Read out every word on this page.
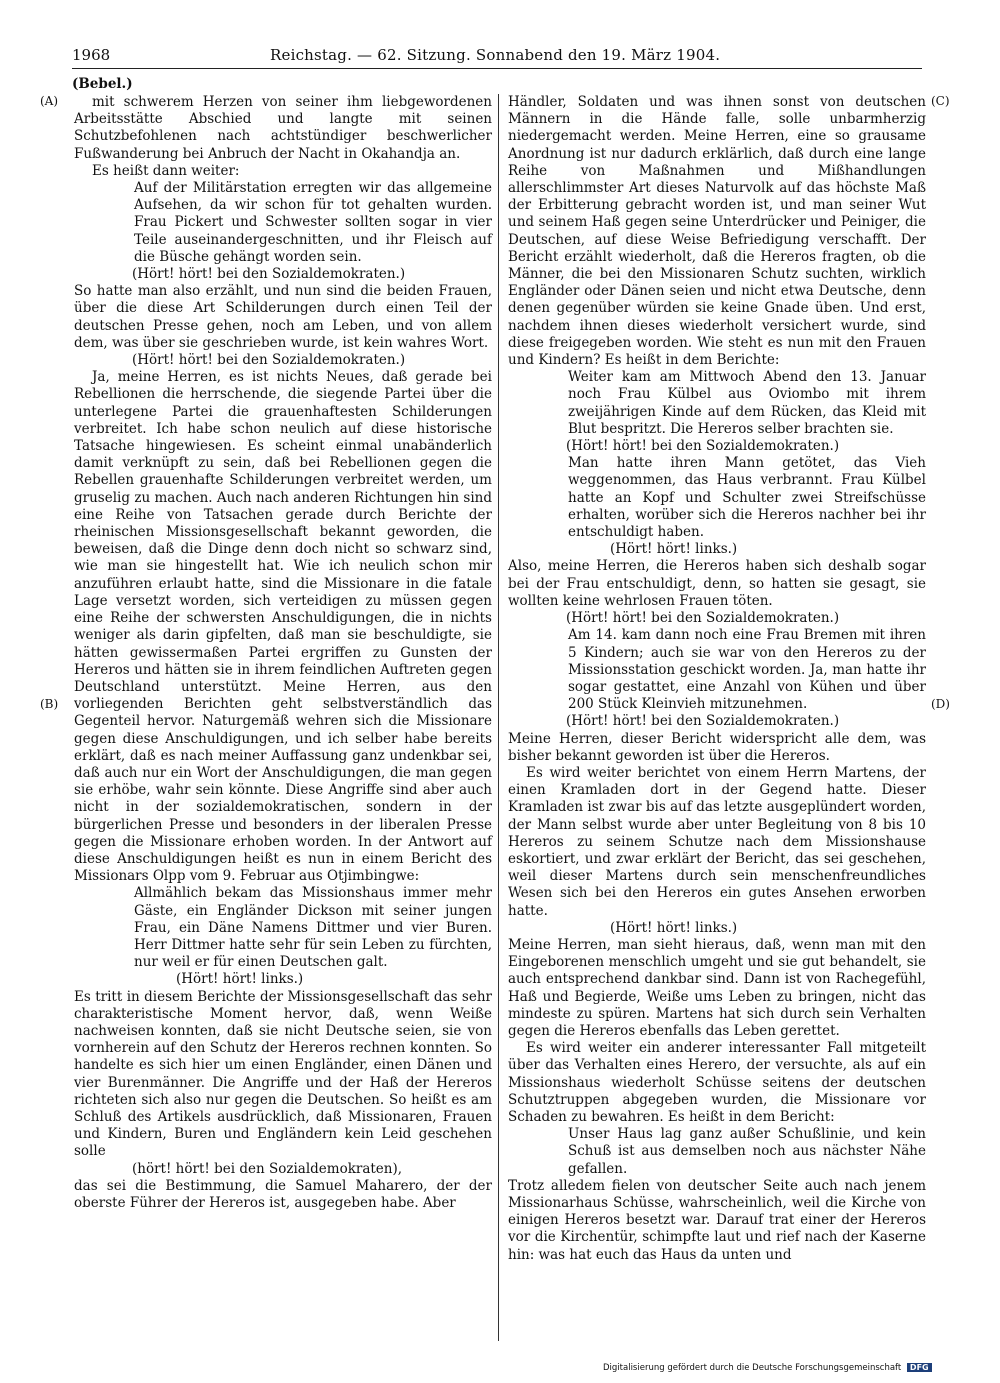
1968	Reichstag. — 62. Sitzung. Sonnabend den 19. März 1904.
(Bebel.)
(A)
(B)
(C)
(D)

mit schwerem Herzen von seiner ihm liebgewordenen Arbeitsstätte Abschied und langte mit seinen Schutzbefohlenen nach achtstündiger beschwerlicher Fußwanderung bei Anbruch der Nacht in Okahandja an.

Es heißt dann weiter:

Auf der Militärstation erregten wir das allgemeine Aufsehen, da wir schon für tot gehalten wurden. Frau Pickert und Schwester sollten sogar in vier Teile auseinandergeschnitten, und ihr Fleisch auf die Büsche gehängt worden sein.

(Hört! hört! bei den Sozialdemokraten.)

So hatte man also erzählt, und nun sind die beiden Frauen, über die diese Art Schilderungen durch einen Teil der deutschen Presse gehen, noch am Leben, und von allem dem, was über sie geschrieben wurde, ist kein wahres Wort.

(Hört! hört! bei den Sozialdemokraten.)

Ja, meine Herren, es ist nichts Neues, daß gerade bei Rebellionen die herrschende, die siegende Partei über die unterlegene Partei die grauenhaftesten Schilderungen verbreitet. Ich habe schon neulich auf diese historische Tatsache hingewiesen. Es scheint einmal unabänderlich damit verknüpft zu sein, daß bei Rebellionen gegen die Rebellen grauenhafte Schilderungen verbreitet werden, um gruselig zu machen. Auch nach anderen Richtungen hin sind eine Reihe von Tatsachen gerade durch Berichte der rheinischen Missionsgesellschaft bekannt geworden, die beweisen, daß die Dinge denn doch nicht so schwarz sind, wie man sie hingestellt hat. Wie ich neulich schon mir anzuführen erlaubt hatte, sind die Missionare in die fatale Lage versetzt worden, sich verteidigen zu müssen gegen eine Reihe der schwersten Anschuldigungen, die in nichts weniger als darin gipfelten, daß man sie beschuldigte, sie hätten gewissermaßen Partei ergriffen zu Gunsten der Hereros und hätten sie in ihrem feindlichen Auftreten gegen Deutschland unterstützt. Meine Herren, aus den vorliegenden Berichten geht selbstverständlich das Gegenteil hervor. Naturgemäß wehren sich die Missionare gegen diese Anschuldigungen, und ich selber habe bereits erklärt, daß es nach meiner Auffassung ganz undenkbar sei, daß auch nur ein Wort der Anschuldigungen, die man gegen sie erhöbe, wahr sein könnte. Diese Angriffe sind aber auch nicht in der sozialdemokratischen, sondern in der bürgerlichen Presse und besonders in der liberalen Presse gegen die Missionare erhoben worden. In der Antwort auf diese Anschuldigungen heißt es nun in einem Bericht des Missionars Olpp vom 9. Februar aus Otjimbingwe:

Allmählich bekam das Missionshaus immer mehr Gäste, ein Engländer Dickson mit seiner jungen Frau, ein Däne Namens Dittmer und vier Buren. Herr Dittmer hatte sehr für sein Leben zu fürchten, nur weil er für einen Deutschen galt.

(Hört! hört! links.)

Es tritt in diesem Berichte der Missionsgesellschaft das sehr charakteristische Moment hervor, daß, wenn Weiße nachweisen konnten, daß sie nicht Deutsche seien, sie von vornherein auf den Schutz der Hereros rechnen konnten. So handelte es sich hier um einen Engländer, einen Dänen und vier Burenmänner. Die Angriffe und der Haß der Hereros richteten sich also nur gegen die Deutschen. So heißt es am Schluß des Artikels ausdrücklich, daß Missionaren, Frauen und Kindern, Buren und Engländern kein Leid geschehen solle

(hört! hört! bei den Sozialdemokraten),

das sei die Bestimmung, die Samuel Maharero, der der oberste Führer der Hereros ist, ausgegeben habe. Aber

Händler, Soldaten und was ihnen sonst von deutschen Männern in die Hände falle, solle unbarmherzig niedergemacht werden. Meine Herren, eine so grausame Anordnung ist nur dadurch erklärlich, daß durch eine lange Reihe von Maßnahmen und Mißhandlungen allerschlimmster Art dieses Naturvolk auf das höchste Maß der Erbitterung gebracht worden ist, und man seiner Wut und seinem Haß gegen seine Unterdrücker und Peiniger, die Deutschen, auf diese Weise Befriedigung verschafft. Der Bericht erzählt wiederholt, daß die Hereros fragten, ob die Männer, die bei den Missionaren Schutz suchten, wirklich Engländer oder Dänen seien und nicht etwa Deutsche, denn denen gegenüber würden sie keine Gnade üben. Und erst, nachdem ihnen dieses wiederholt versichert wurde, sind diese freigegeben worden. Wie steht es nun mit den Frauen und Kindern? Es heißt in dem Berichte:

Weiter kam am Mittwoch Abend den 13. Januar noch Frau Külbel aus Oviombo mit ihrem zweijährigen Kinde auf dem Rücken, das Kleid mit Blut bespritzt. Die Hereros selber brachten sie.

(Hört! hört! bei den Sozialdemokraten.)

Man hatte ihren Mann getötet, das Vieh weggenommen, das Haus verbrannt. Frau Külbel hatte an Kopf und Schulter zwei Streifschüsse erhalten, worüber sich die Hereros nachher bei ihr entschuldigt haben.

(Hört! hört! links.)

Also, meine Herren, die Hereros haben sich deshalb sogar bei der Frau entschuldigt, denn, so hatten sie gesagt, sie wollten keine wehrlosen Frauen töten.

(Hört! hört! bei den Sozialdemokraten.)

Am 14. kam dann noch eine Frau Bremen mit ihren 5 Kindern; auch sie war von den Hereros zu der Missionsstation geschickt worden. Ja, man hatte ihr sogar gestattet, eine Anzahl von Kühen und über 200 Stück Kleinvieh mitzunehmen.

(Hört! hört! bei den Sozialdemokraten.)

Meine Herren, dieser Bericht widerspricht alle dem, was bisher bekannt geworden ist über die Hereros.

Es wird weiter berichtet von einem Herrn Martens, der einen Kramladen dort in der Gegend hatte. Dieser Kramladen ist zwar bis auf das letzte ausgeplündert worden, der Mann selbst wurde aber unter Begleitung von 8 bis 10 Hereros zu seinem Schutze nach dem Missionshause eskortiert, und zwar erklärt der Bericht, das sei geschehen, weil dieser Martens durch sein menschenfreundliches Wesen sich bei den Hereros ein gutes Ansehen erworben hatte.

(Hört! hört! links.)

Meine Herren, man sieht hieraus, daß, wenn man mit den Eingeborenen menschlich umgeht und sie gut behandelt, sie auch entsprechend dankbar sind. Dann ist von Rachegefühl, Haß und Begierde, Weiße ums Leben zu bringen, nicht das mindeste zu spüren. Martens hat sich durch sein Verhalten gegen die Hereros ebenfalls das Leben gerettet.

Es wird weiter ein anderer interessanter Fall mitgeteilt über das Verhalten eines Herero, der versuchte, als auf ein Missionshaus wiederholt Schüsse seitens der deutschen Schutztruppen abgegeben wurden, die Missionare vor Schaden zu bewahren. Es heißt in dem Bericht:

Unser Haus lag ganz außer Schußlinie, und kein Schuß ist aus demselben noch aus nächster Nähe gefallen.

Trotz alledem fielen von deutscher Seite auch nach jenem Missionarhaus Schüsse, wahrscheinlich, weil die Kirche von einigen Hereros besetzt war. Darauf trat einer der Hereros vor die Kirchentür, schimpfte laut und rief nach der Kaserne hin: was hat euch das Haus da unten und

Digitalisierung gefördert durch die Deutsche Forschungsgemeinschaft DFG
